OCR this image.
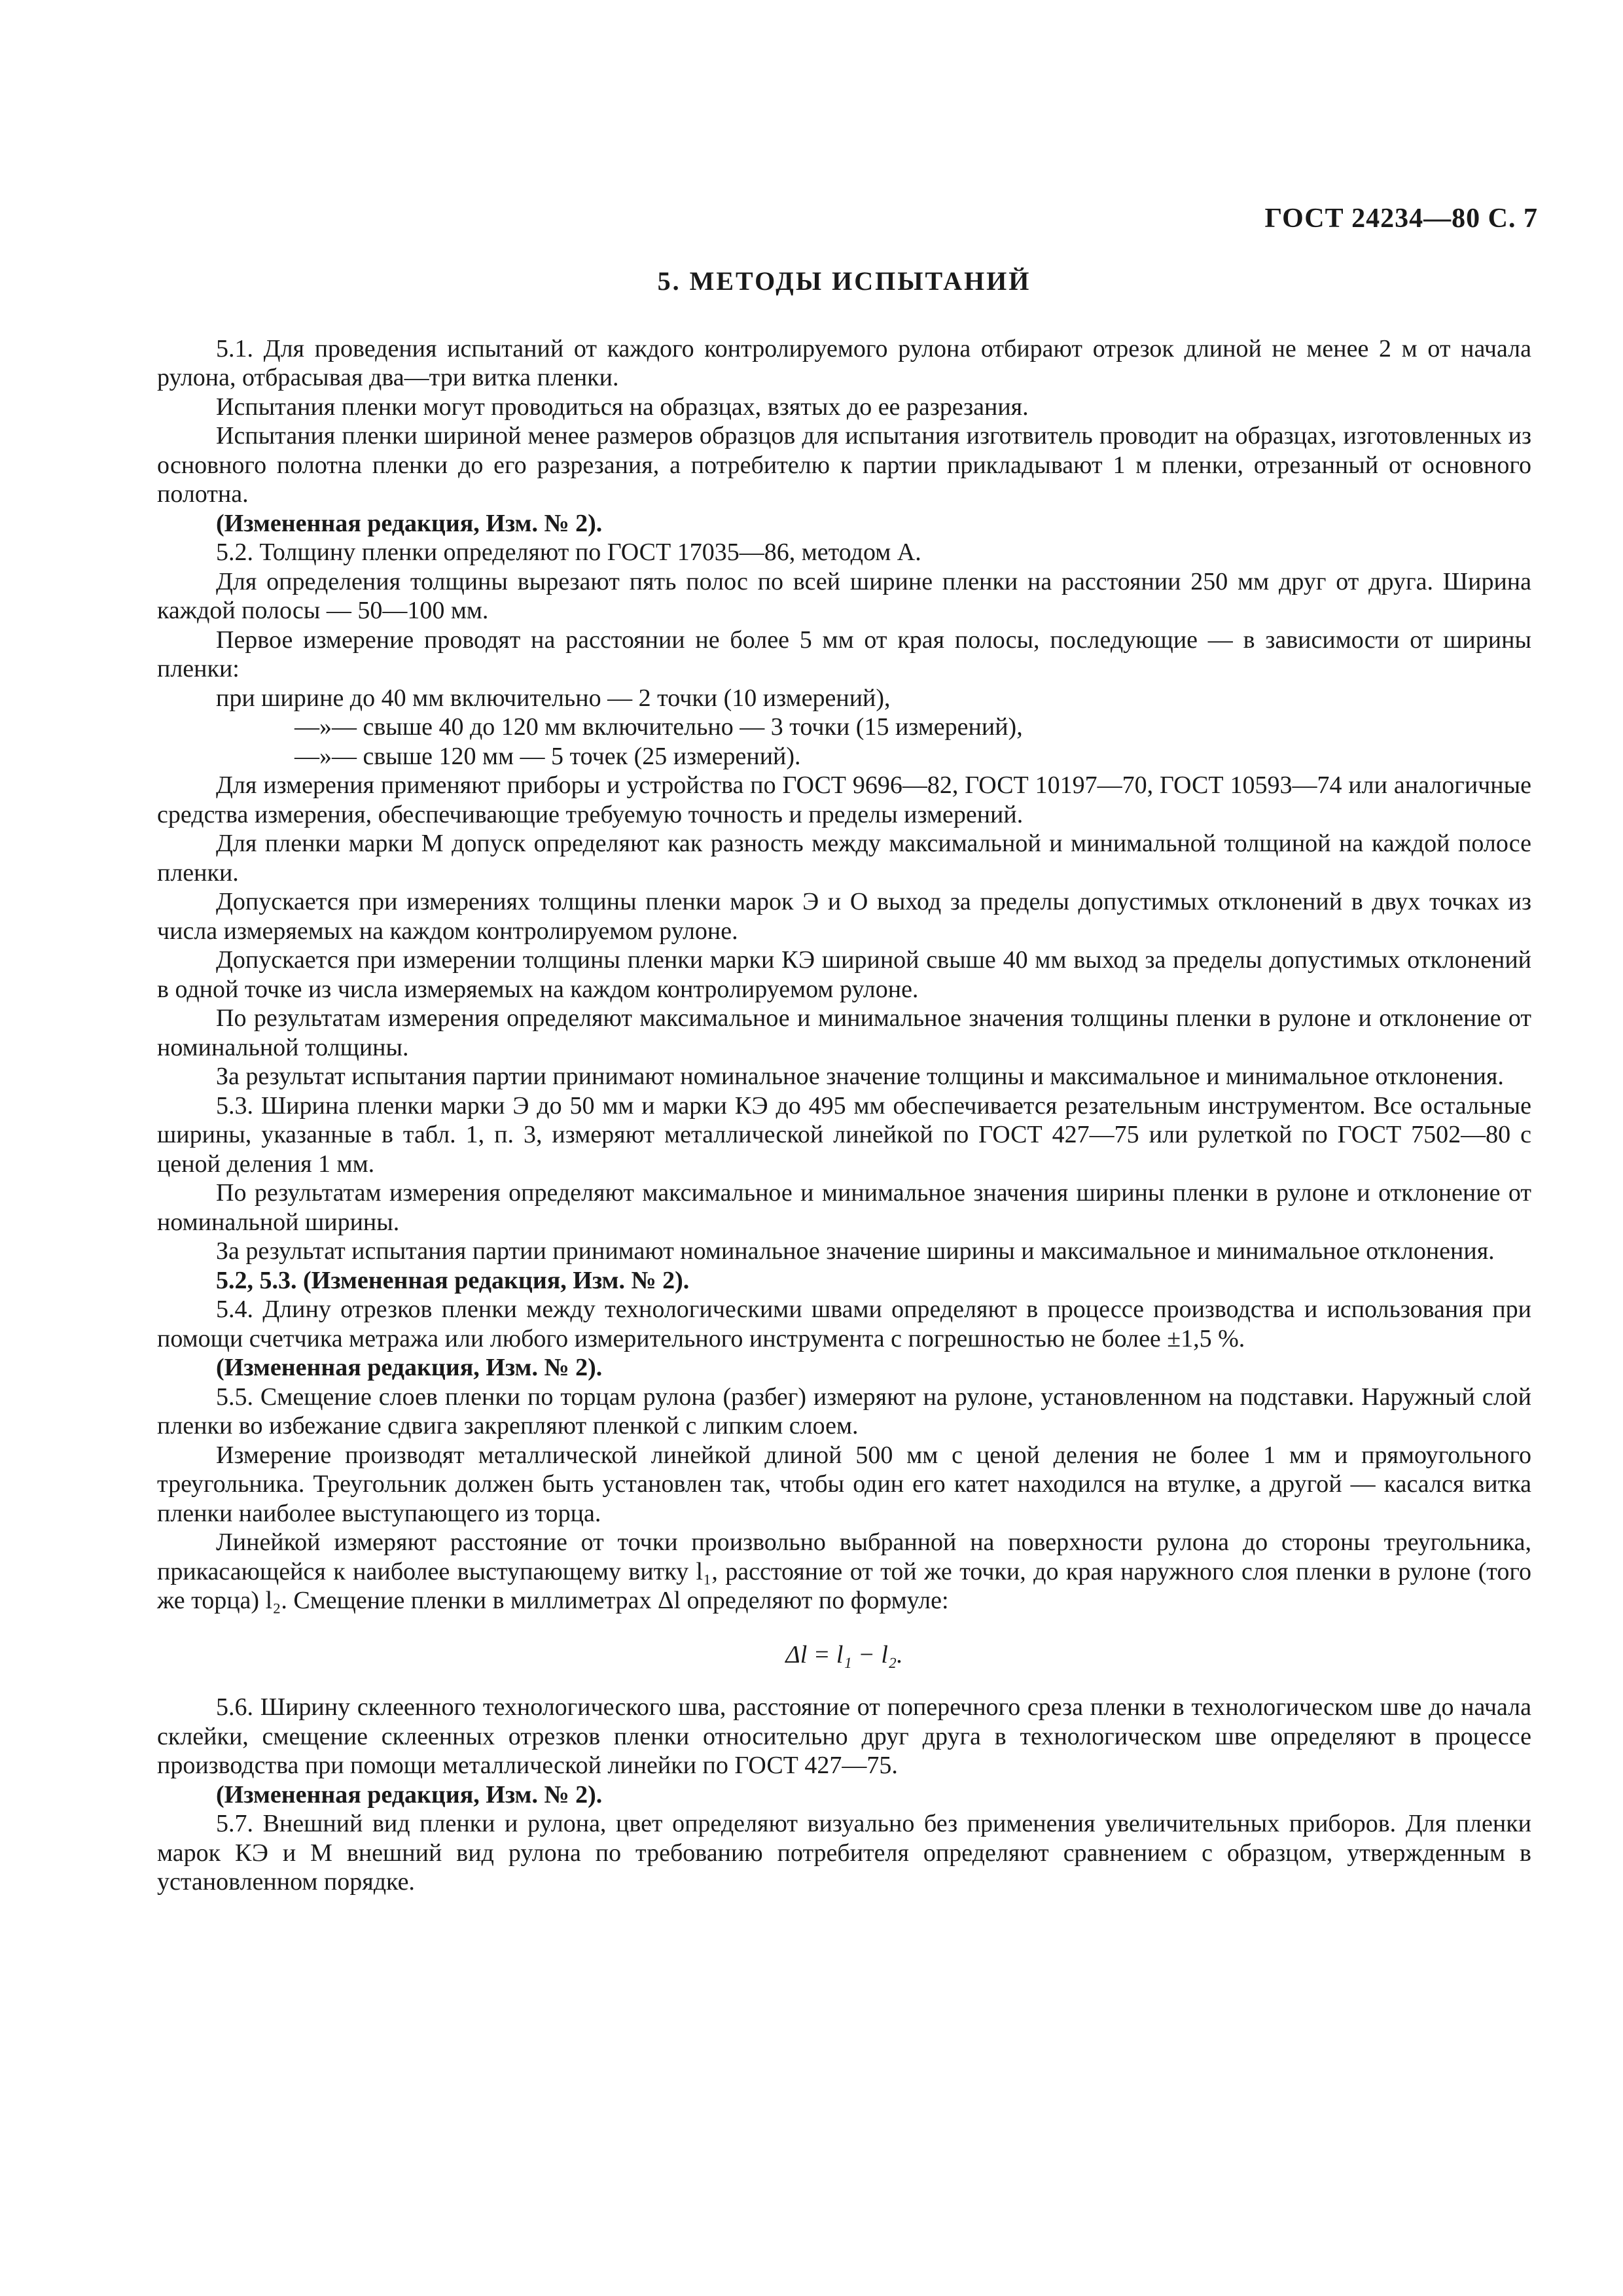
ГОСТ 24234—80 С. 7
5. МЕТОДЫ ИСПЫТАНИЙ

5.1. Для проведения испытаний от каждого контролируемого рулона отбирают отрезок длиной не менее 2 м от начала рулона, отбрасывая два—три витка пленки.

Испытания пленки могут проводиться на образцах, взятых до ее разрезания.

Испытания пленки шириной менее размеров образцов для испытания изготвитель проводит на образцах, изготовленных из основного полотна пленки до его разрезания, а потребителю к партии прикладывают 1 м пленки, отрезанный от основного полотна.

(Измененная редакция, Изм. № 2).

5.2. Толщину пленки определяют по ГОСТ 17035—86, методом А.

Для определения толщины вырезают пять полос по всей ширине пленки на расстоянии 250 мм друг от друга. Ширина каждой полосы — 50—100 мм.

Первое измерение проводят на расстоянии не более 5 мм от края полосы, последующие — в зависимости от ширины пленки:

при ширине до 40 мм включительно — 2 точки (10 измерений),

—»— свыше 40 до 120 мм включительно — 3 точки (15 измерений),

—»— свыше 120 мм — 5 точек (25 измерений).

Для измерения применяют приборы и устройства по ГОСТ 9696—82, ГОСТ 10197—70, ГОСТ 10593—74 или аналогичные средства измерения, обеспечивающие требуемую точность и пределы измерений.

Для пленки марки М допуск определяют как разность между максимальной и минимальной толщиной на каждой полосе пленки.

Допускается при измерениях толщины пленки марок Э и О выход за пределы допустимых отклонений в двух точках из числа измеряемых на каждом контролируемом рулоне.

Допускается при измерении толщины пленки марки КЭ шириной свыше 40 мм выход за пределы допустимых отклонений в одной точке из числа измеряемых на каждом контролируемом рулоне.

По результатам измерения определяют максимальное и минимальное значения толщины пленки в рулоне и отклонение от номинальной толщины.

За результат испытания партии принимают номинальное значение толщины и максимальное и минимальное отклонения.

5.3. Ширина пленки марки Э до 50 мм и марки КЭ до 495 мм обеспечивается резательным инструментом. Все остальные ширины, указанные в табл. 1, п. 3, измеряют металлической линейкой по ГОСТ 427—75 или рулеткой по ГОСТ 7502—80 с ценой деления 1 мм.

По результатам измерения определяют максимальное и минимальное значения ширины пленки в рулоне и отклонение от номинальной ширины.

За результат испытания партии принимают номинальное значение ширины и максимальное и минимальное отклонения.

5.2, 5.3. (Измененная редакция, Изм. № 2).

5.4. Длину отрезков пленки между технологическими швами определяют в процессе производства и использования при помощи счетчика метража или любого измерительного инструмента с погрешностью не более ±1,5 %.

(Измененная редакция, Изм. № 2).

5.5. Смещение слоев пленки по торцам рулона (разбег) измеряют на рулоне, установленном на подставки. Наружный слой пленки во избежание сдвига закрепляют пленкой с липким слоем.

Измерение производят металлической линейкой длиной 500 мм с ценой деления не более 1 мм и прямоугольного треугольника. Треугольник должен быть установлен так, чтобы один его катет находился на втулке, а другой — касался витка пленки наиболее выступающего из торца.

Линейкой измеряют расстояние от точки произвольно выбранной на поверхности рулона до стороны треугольника, прикасающейся к наиболее выступающему витку l₁, расстояние от той же точки, до края наружного слоя пленки в рулоне (того же торца) l₂. Смещение пленки в миллиметрах Δl определяют по формуле:

Δl = l₁ − l₂.

5.6. Ширину склеенного технологического шва, расстояние от поперечного среза пленки в технологическом шве до начала склейки, смещение склеенных отрезков пленки относительно друг друга в технологическом шве определяют в процессе производства при помощи металлической линейки по ГОСТ 427—75.

(Измененная редакция, Изм. № 2).

5.7. Внешний вид пленки и рулона, цвет определяют визуально без применения увеличительных приборов. Для пленки марок КЭ и М внешний вид рулона по требованию потребителя определяют сравнением с образцом, утвержденным в установленном порядке.
